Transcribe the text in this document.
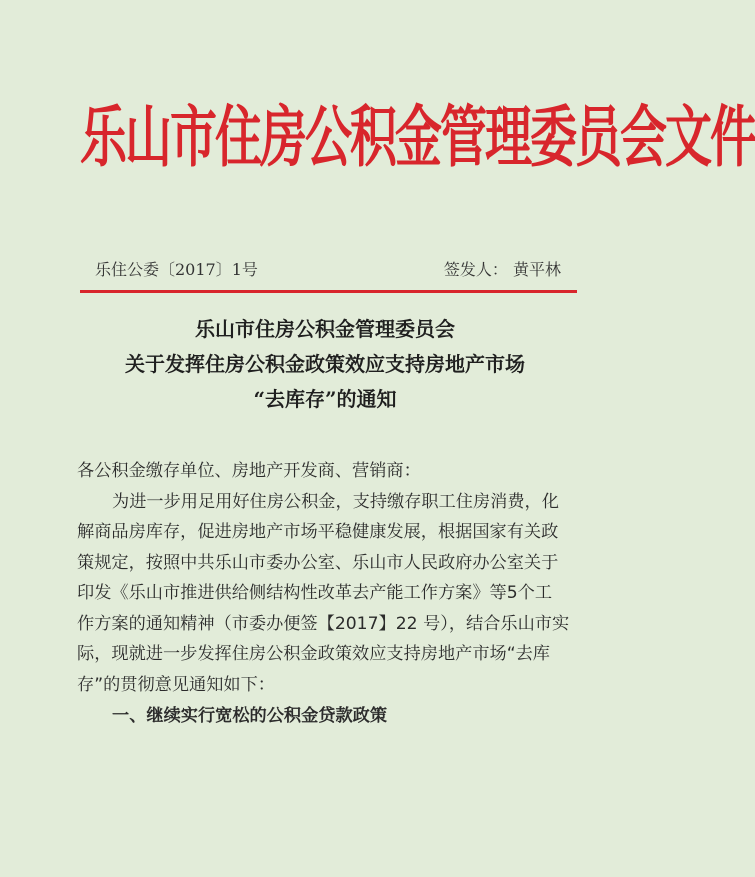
乐山市住房公积金管理委员会文件
乐住公委〔2017〕1号	签发人： 黄平林
乐山市住房公积金管理委员会
关于发挥住房公积金政策效应支持房地产市场
“去库存”的通知
各公积金缴存单位、房地产开发商、营销商：
为进一步用足用好住房公积金，支持缴存职工住房消费，化
解商品房库存，促进房地产市场平稳健康发展，根据国家有关政
策规定，按照中共乐山市委办公室、乐山市人民政府办公室关于
印发《乐山市推进供给侧结构性改革去产能工作方案》等5个工
作方案的通知精神（市委办便签【2017】22 号），结合乐山市实
际，现就进一步发挥住房公积金政策效应支持房地产市场“去库
存”的贯彻意见通知如下：
一、继续实行宽松的公积金贷款政策
